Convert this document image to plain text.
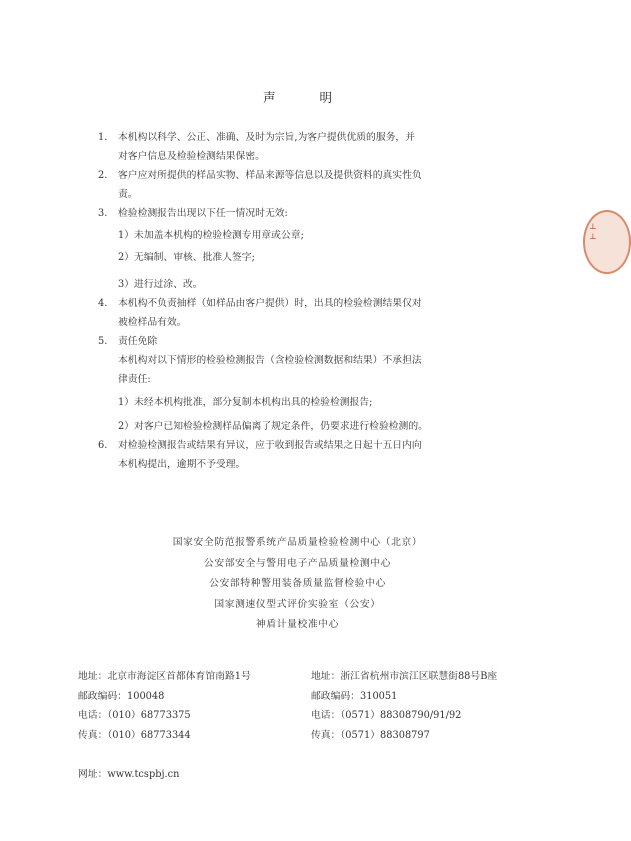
声 明
1. 本机构以科学、公正、准确、及时为宗旨,为客户提供优质的服务，并
对客户信息及检验检测结果保密。
2. 客户应对所提供的样品实物、样品来源等信息以及提供资料的真实性负
责。
3. 检验检测报告出现以下任一情况时无效:
1）未加盖本机构的检验检测专用章或公章;
2）无编制、审核、批准人签字;
3）进行过涂、改。
4. 本机构不负责抽样（如样品由客户提供）时，出具的检验检测结果仅对
被检样品有效。
5. 责任免除
本机构对以下情形的检验检测报告（含检验检测数据和结果）不承担法
律责任:
1）未经本机构批准，部分复制本机构出具的检验检测报告;
2）对客户已知检验检测样品偏离了规定条件，仍要求进行检验检测的。
6. 对检验检测报告或结果有异议，应于收到报告或结果之日起十五日内向
本机构提出，逾期不予受理。
国家安全防范报警系统产品质量检验检测中心（北京）
公安部安全与警用电子产品质量检测中心
公安部特种警用装备质量监督检验中心
国家测速仪型式评价实验室（公安）
神盾计量校准中心
地址：北京市海淀区首都体育馆南路1号
邮政编码：100048
电话：（010）68773375
传真：（010）68773344
地址：浙江省杭州市滨江区联慧街88号B座
邮政编码：310051
电话：（0571）88308790/91/92
传真：（0571）88308797
网址：www.tcspbj.cn
⊥
⊥
